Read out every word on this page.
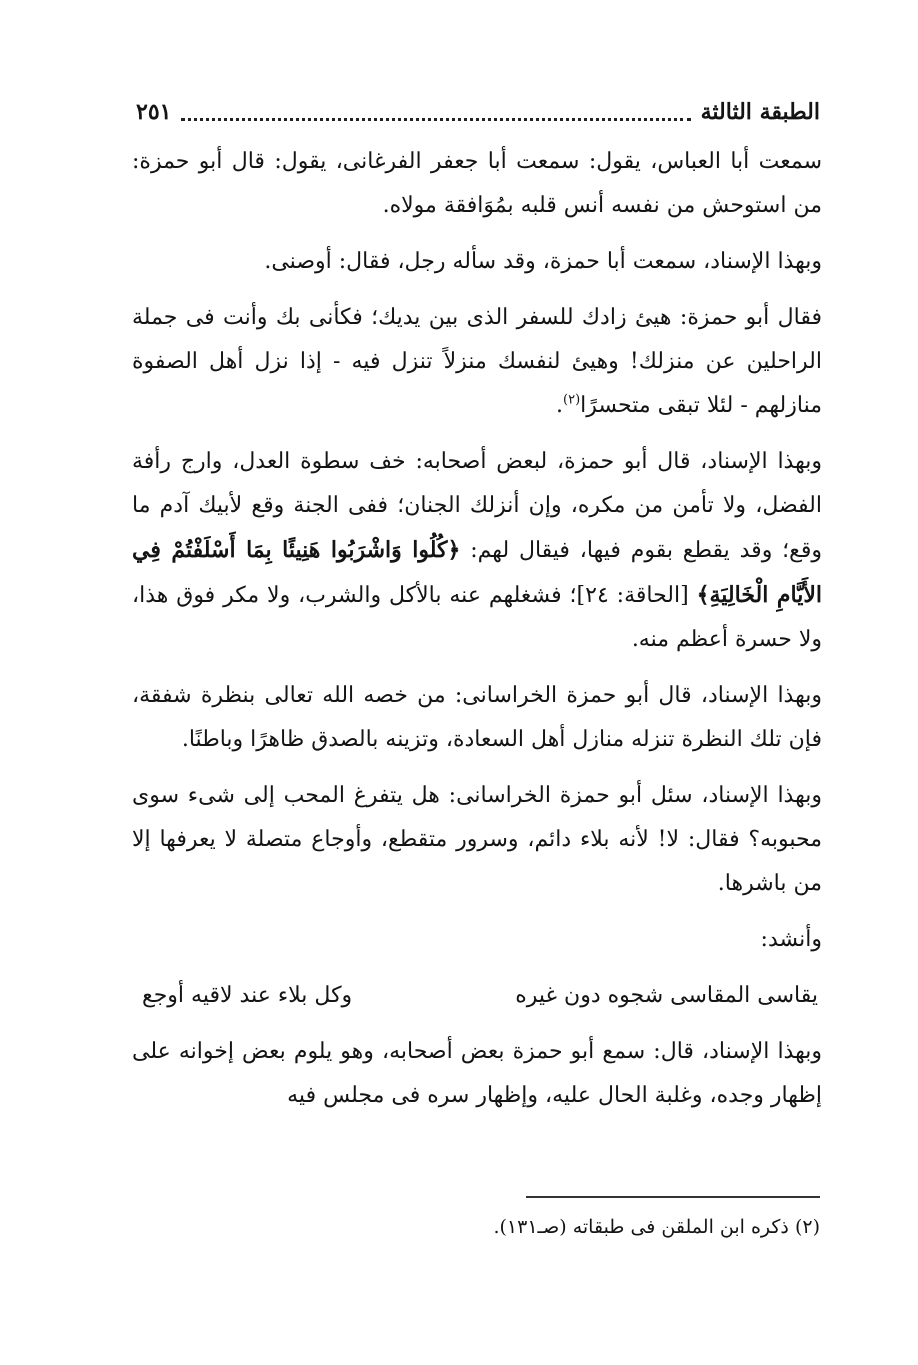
الطبقة الثالثة
٢٥١

سمعت أبا العباس، يقول: سمعت أبا جعفر الفرغانى، يقول: قال أبو حمزة: من استوحش من نفسه أنس قلبه بمُوَافقة مولاه.

وبهذا الإسناد، سمعت أبا حمزة، وقد سأله رجل، فقال: أوصنى.

فقال أبو حمزة: هيئ زادك للسفر الذى بين يديك؛ فكأنى بك وأنت فى جملة الراحلين عن منزلك! وهيئ لنفسك منزلاً تنزل فيه - إذا نزل أهل الصفوة منازلهم - لئلا تبقى متحسرًا$^{(٢)}$.

وبهذا الإسناد، قال أبو حمزة، لبعض أصحابه: خف سطوة العدل، وارج رأفة الفضل، ولا تأمن من مكره، وإن أنزلك الجنان؛ ففى الجنة وقع لأبيك آدم ما وقع؛ وقد يقطع بقوم فيها، فيقال لهم: ﴿كُلُوا وَاشْرَبُوا هَنِيئًا بِمَا أَسْلَفْتُمْ فِي الأَيَّامِ الْخَالِيَةِ﴾ [الحاقة: ٢٤]؛ فشغلهم عنه بالأكل والشرب، ولا مكر فوق هذا، ولا حسرة أعظم منه.

وبهذا الإسناد، قال أبو حمزة الخراسانى: من خصه الله تعالى بنظرة شفقة، فإن تلك النظرة تنزله منازل أهل السعادة، وتزينه بالصدق ظاهرًا وباطنًا.

وبهذا الإسناد، سئل أبو حمزة الخراسانى: هل يتفرغ المحب إلى شىء سوى محبوبه؟ فقال: لا! لأنه بلاء دائم، وسرور متقطع، وأوجاع متصلة لا يعرفها إلا من باشرها.

وأنشد:
يقاسى المقاسى شجوه دون غيره
وكل بلاء عند لاقيه أوجع

وبهذا الإسناد، قال: سمع أبو حمزة بعض أصحابه، وهو يلوم بعض إخوانه على إظهار وجده، وغلبة الحال عليه، وإظهار سره فى مجلس فيه

(٢) ذكره ابن الملقن فى طبقاته (صـ١٣١).
